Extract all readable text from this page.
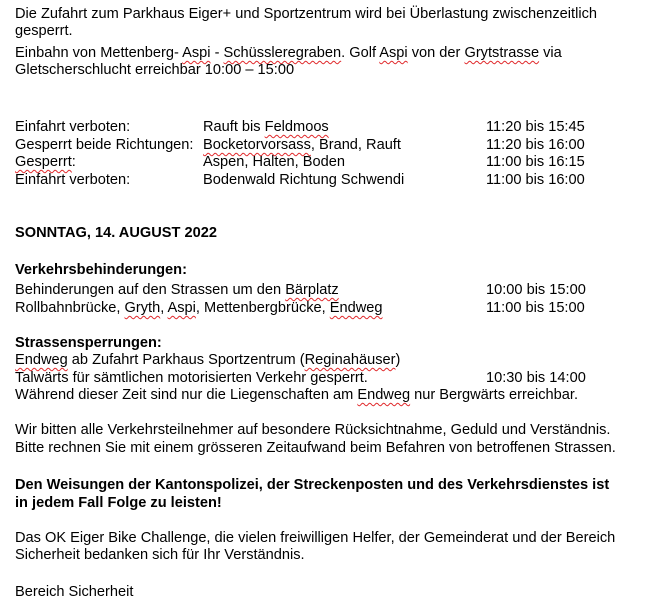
Die Zufahrt zum Parkhaus Eiger+ und Sportzentrum wird bei Überlastung zwischenzeitlich
gesperrt.
Einbahn von Mettenberg- Aspi - Schüssleregraben. Golf Aspi von der Grytstrasse via
Gletscherschlucht erreichbar 10:00 – 15:00
Einfahrt verboten:	Rauft bis Feldmoos	11:20 bis 15:45
Gesperrt beide Richtungen: Bocketorvorsass, Brand, Rauft	11:20 bis 16:00
Gesperrt:	Aspen, Halten, Boden	11:00 bis 16:15
Einfahrt verboten:	Bodenwald Richtung Schwendi	11:00 bis 16:00
SONNTAG, 14. AUGUST 2022
Verkehrsbehinderungen:
Behinderungen auf den Strassen um den Bärplatz	10:00 bis 15:00
Rollbahnbrücke, Gryth, Aspi, Mettenbergbrücke, Endweg	11:00 bis 15:00
Strassensperrungen:
Endweg ab Zufahrt Parkhaus Sportzentrum (Reginahäuser)
Talwärts für sämtlichen motorisierten Verkehr gesperrt.	10:30 bis 14:00
Während dieser Zeit sind nur die Liegenschaften am Endweg nur Bergwärts erreichbar.
Wir bitten alle Verkehrsteilnehmer auf besondere Rücksichtnahme, Geduld und Verständnis.
Bitte rechnen Sie mit einem grösseren Zeitaufwand beim Befahren von betroffenen Strassen.
Den Weisungen der Kantonspolizei, der Streckenposten und des Verkehrsdienstes ist
in jedem Fall Folge zu leisten!
Das OK Eiger Bike Challenge, die vielen freiwilligen Helfer, der Gemeinderat und der Bereich
Sicherheit bedanken sich für Ihr Verständnis.
Bereich Sicherheit
